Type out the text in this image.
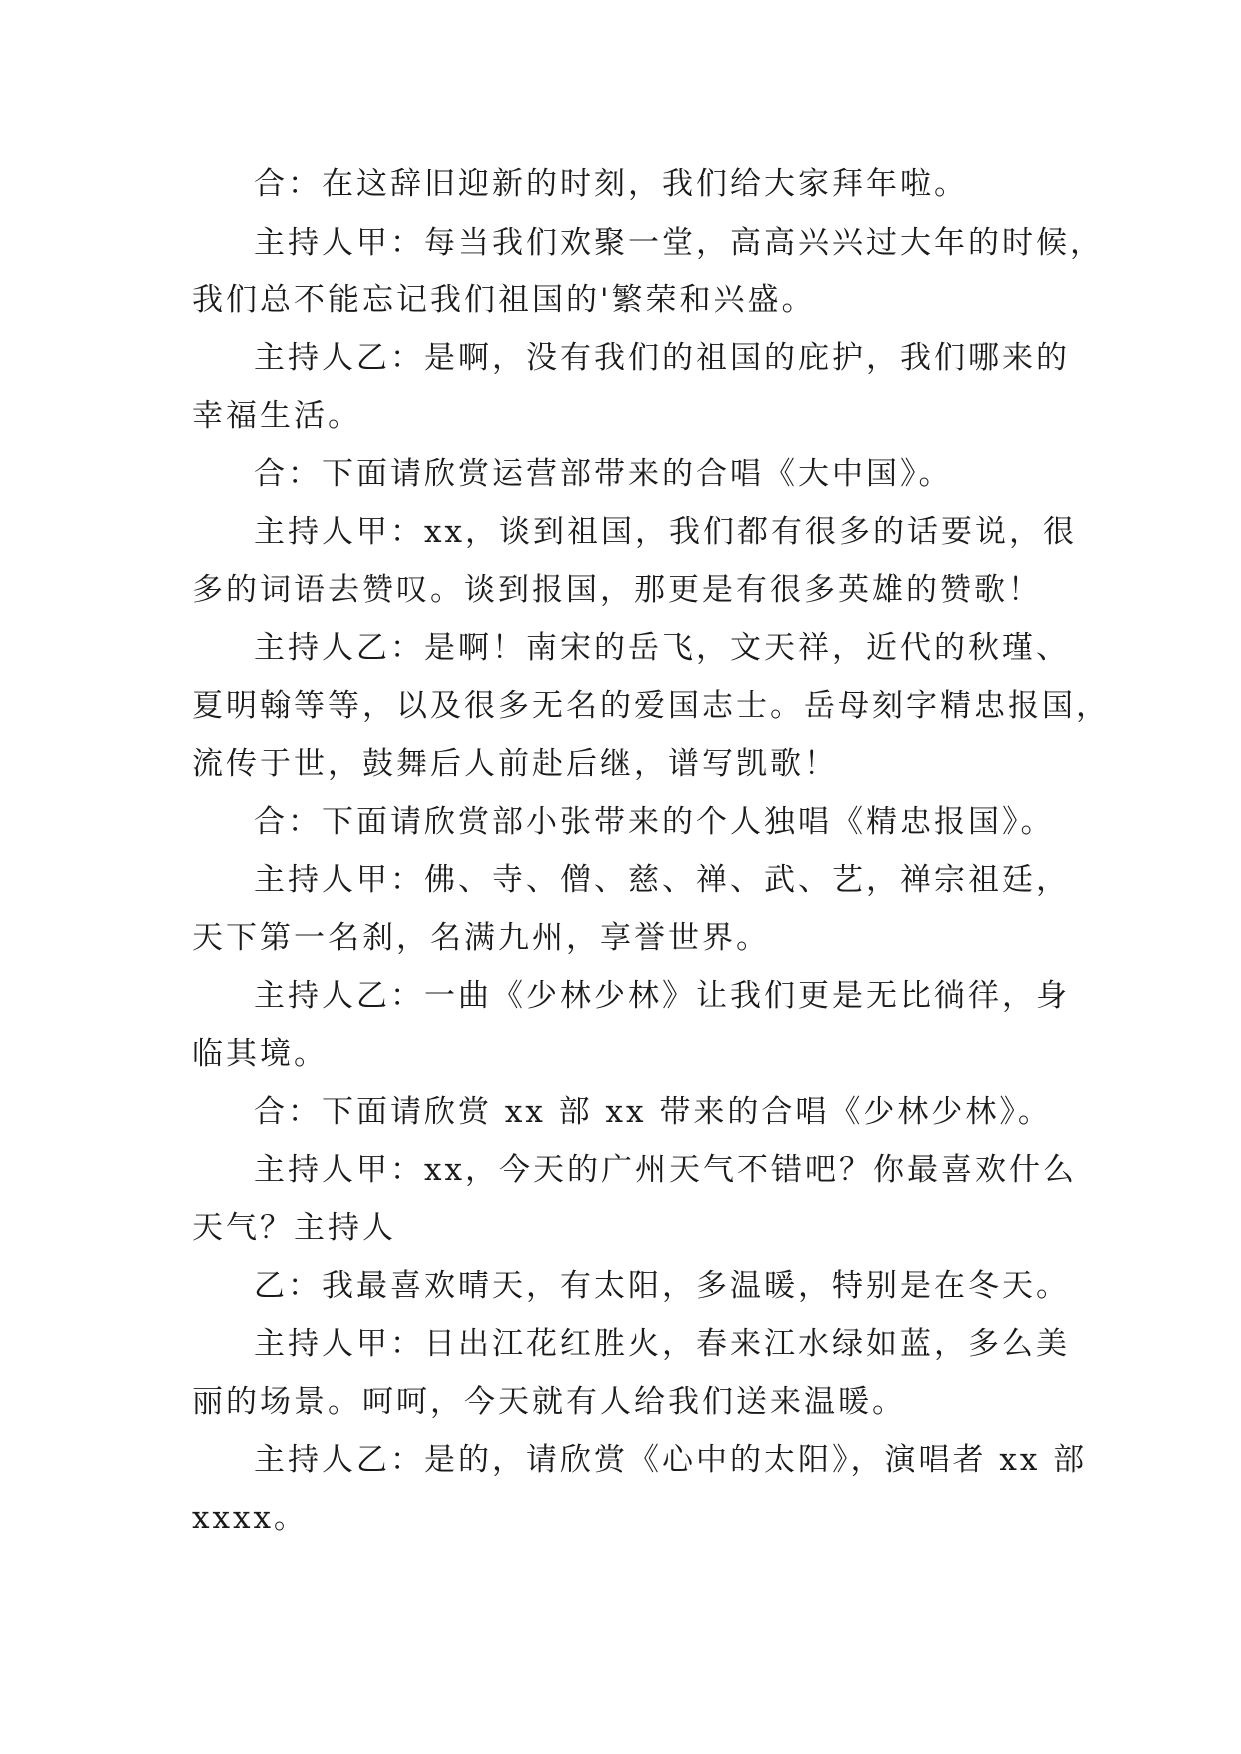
合：在这辞旧迎新的时刻，我们给大家拜年啦。
主持人甲：每当我们欢聚一堂，高高兴兴过大年的时候，
我们总不能忘记我们祖国的'繁荣和兴盛。
主持人乙：是啊，没有我们的祖国的庇护，我们哪来的
幸福生活。
合：下面请欣赏运营部带来的合唱《大中国》。
主持人甲：xx，谈到祖国，我们都有很多的话要说，很
多的词语去赞叹。谈到报国，那更是有很多英雄的赞歌！
主持人乙：是啊！南宋的岳飞，文天祥，近代的秋瑾、
夏明翰等等，以及很多无名的爱国志士。岳母刻字精忠报国，
流传于世，鼓舞后人前赴后继，谱写凯歌！
合：下面请欣赏部小张带来的个人独唱《精忠报国》。
主持人甲：佛、寺、僧、慈、禅、武、艺，禅宗祖廷，
天下第一名刹，名满九州，享誉世界。
主持人乙：一曲《少林少林》让我们更是无比徜徉，身
临其境。
合：下面请欣赏 xx 部 xx 带来的合唱《少林少林》。
主持人甲：xx，今天的广州天气不错吧？你最喜欢什么
天气？主持人
乙：我最喜欢晴天，有太阳，多温暖，特别是在冬天。
主持人甲：日出江花红胜火，春来江水绿如蓝，多么美
丽的场景。呵呵，今天就有人给我们送来温暖。
主持人乙：是的，请欣赏《心中的太阳》，演唱者 xx 部
xxxx。
